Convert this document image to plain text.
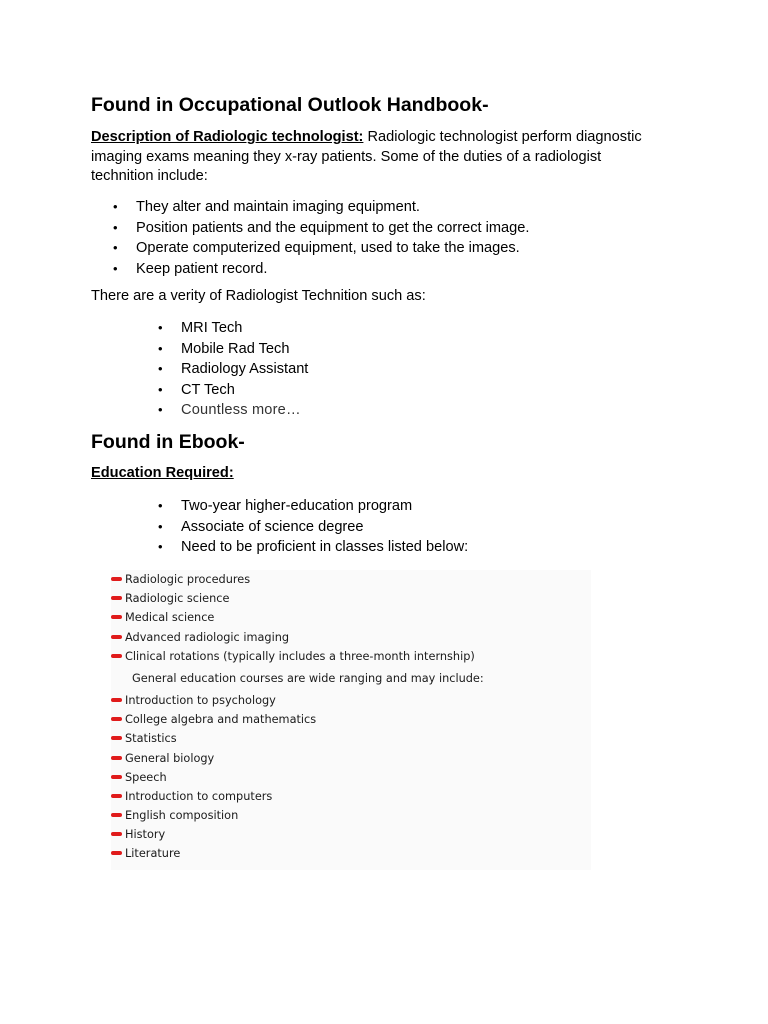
Found in Occupational Outlook Handbook-
Description of Radiologic technologist: Radiologic technologist perform diagnostic imaging exams meaning they x-ray patients. Some of the duties of a radiologist technition include:
• They alter and maintain imaging equipment.
• Position patients and the equipment to get the correct image.
• Operate computerized equipment, used to take the images.
• Keep patient record.
There are a verity of Radiologist Technition such as:
• MRI Tech
• Mobile Rad Tech
• Radiology Assistant
• CT Tech
• Countless more…
Found in Ebook-
Education Required:
• Two-year higher-education program
• Associate of science degree
• Need to be proficient in classes listed below:
Radiologic procedures
Radiologic science
Medical science
Advanced radiologic imaging
Clinical rotations (typically includes a three-month internship)
General education courses are wide ranging and may include:
Introduction to psychology
College algebra and mathematics
Statistics
General biology
Speech
Introduction to computers
English composition
History
Literature
